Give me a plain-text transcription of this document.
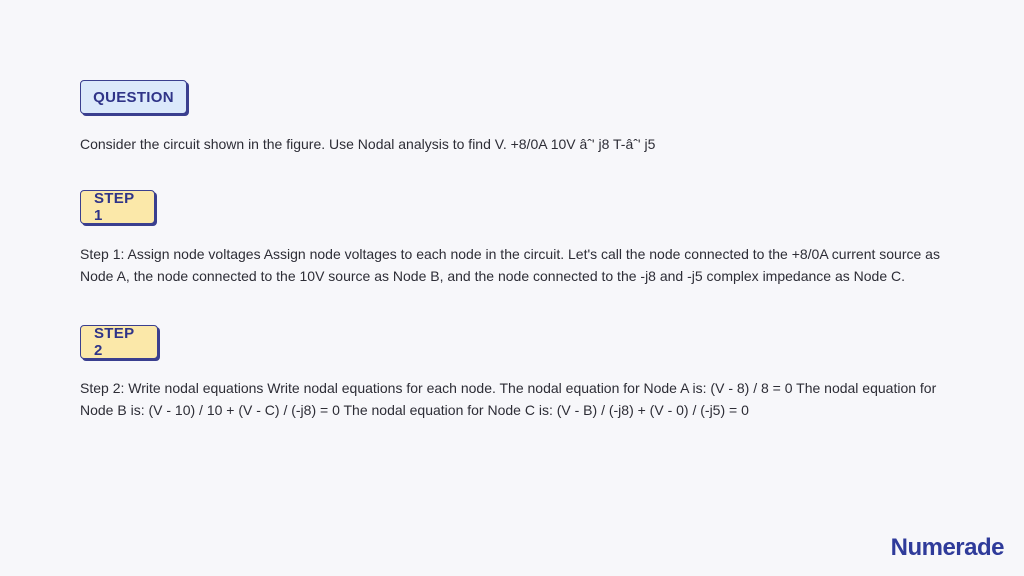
QUESTION
Consider the circuit shown in the figure. Use Nodal analysis to find V. +8/0A 10V âˆ' j8 T-âˆ' j5
STEP 1
Step 1: Assign node voltages Assign node voltages to each node in the circuit. Let's call the node connected to the +8/0A current source as Node A, the node connected to the 10V source as Node B, and the node connected to the -j8 and -j5 complex impedance as Node C.
STEP 2
Step 2: Write nodal equations Write nodal equations for each node. The nodal equation for Node A is: (V - 8) / 8 = 0 The nodal equation for Node B is: (V - 10) / 10 + (V - C) / (-j8) = 0 The nodal equation for Node C is: (V - B) / (-j8) + (V - 0) / (-j5) = 0
Numerade
